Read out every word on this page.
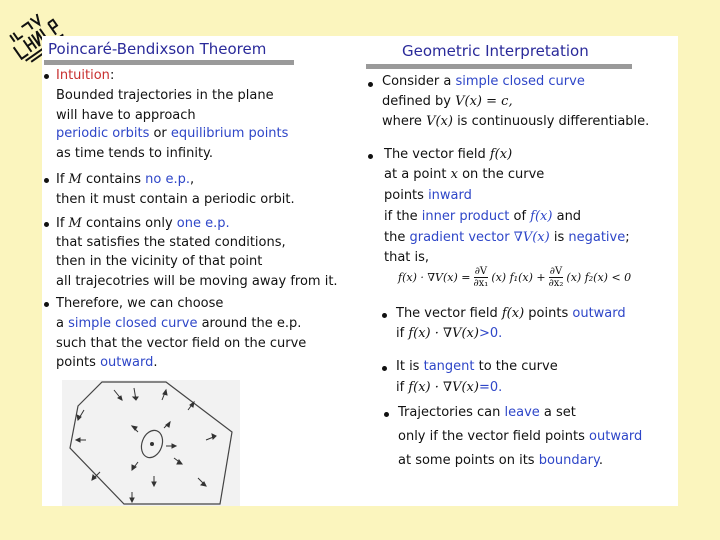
Poincaré-Bendixson Theorem
Intuition:
Bounded trajectories in the plane
will have to approach
periodic orbits or equilibrium points
as time tends to infinity.
If M contains no e.p.,
then it must contain a periodic orbit.
If M contains only one e.p.
that satisfies the stated conditions,
then in the vicinity of that point
all trajecotries will be moving away from it.
Therefore, we can choose
a simple closed curve around the e.p.
such that the vector field on the curve
points outward.
Geometric Interpretation
Consider a simple closed curve
defined by V(x) = c,
where V(x) is continuously differentiable.
The vector field f(x)
at a point x on the curve
points inward
if the inner product of f(x) and
the gradient vector ∇V(x) is negative;
that is,
$f(x) \cdot \nabla V(x) = \frac{\partial V}{\text{∂x₁}} (x) f_1(x) + \frac{\partial V}{\text{∂x₂}} (x) f_2(x) < 0$
The vector field f(x) points outward
if f(x) · ∇V(x)>0.
It is tangent to the curve
if f(x) · ∇V(x)=0.
Trajectories can leave a set
only if the vector field points outward
at some points on its boundary.
